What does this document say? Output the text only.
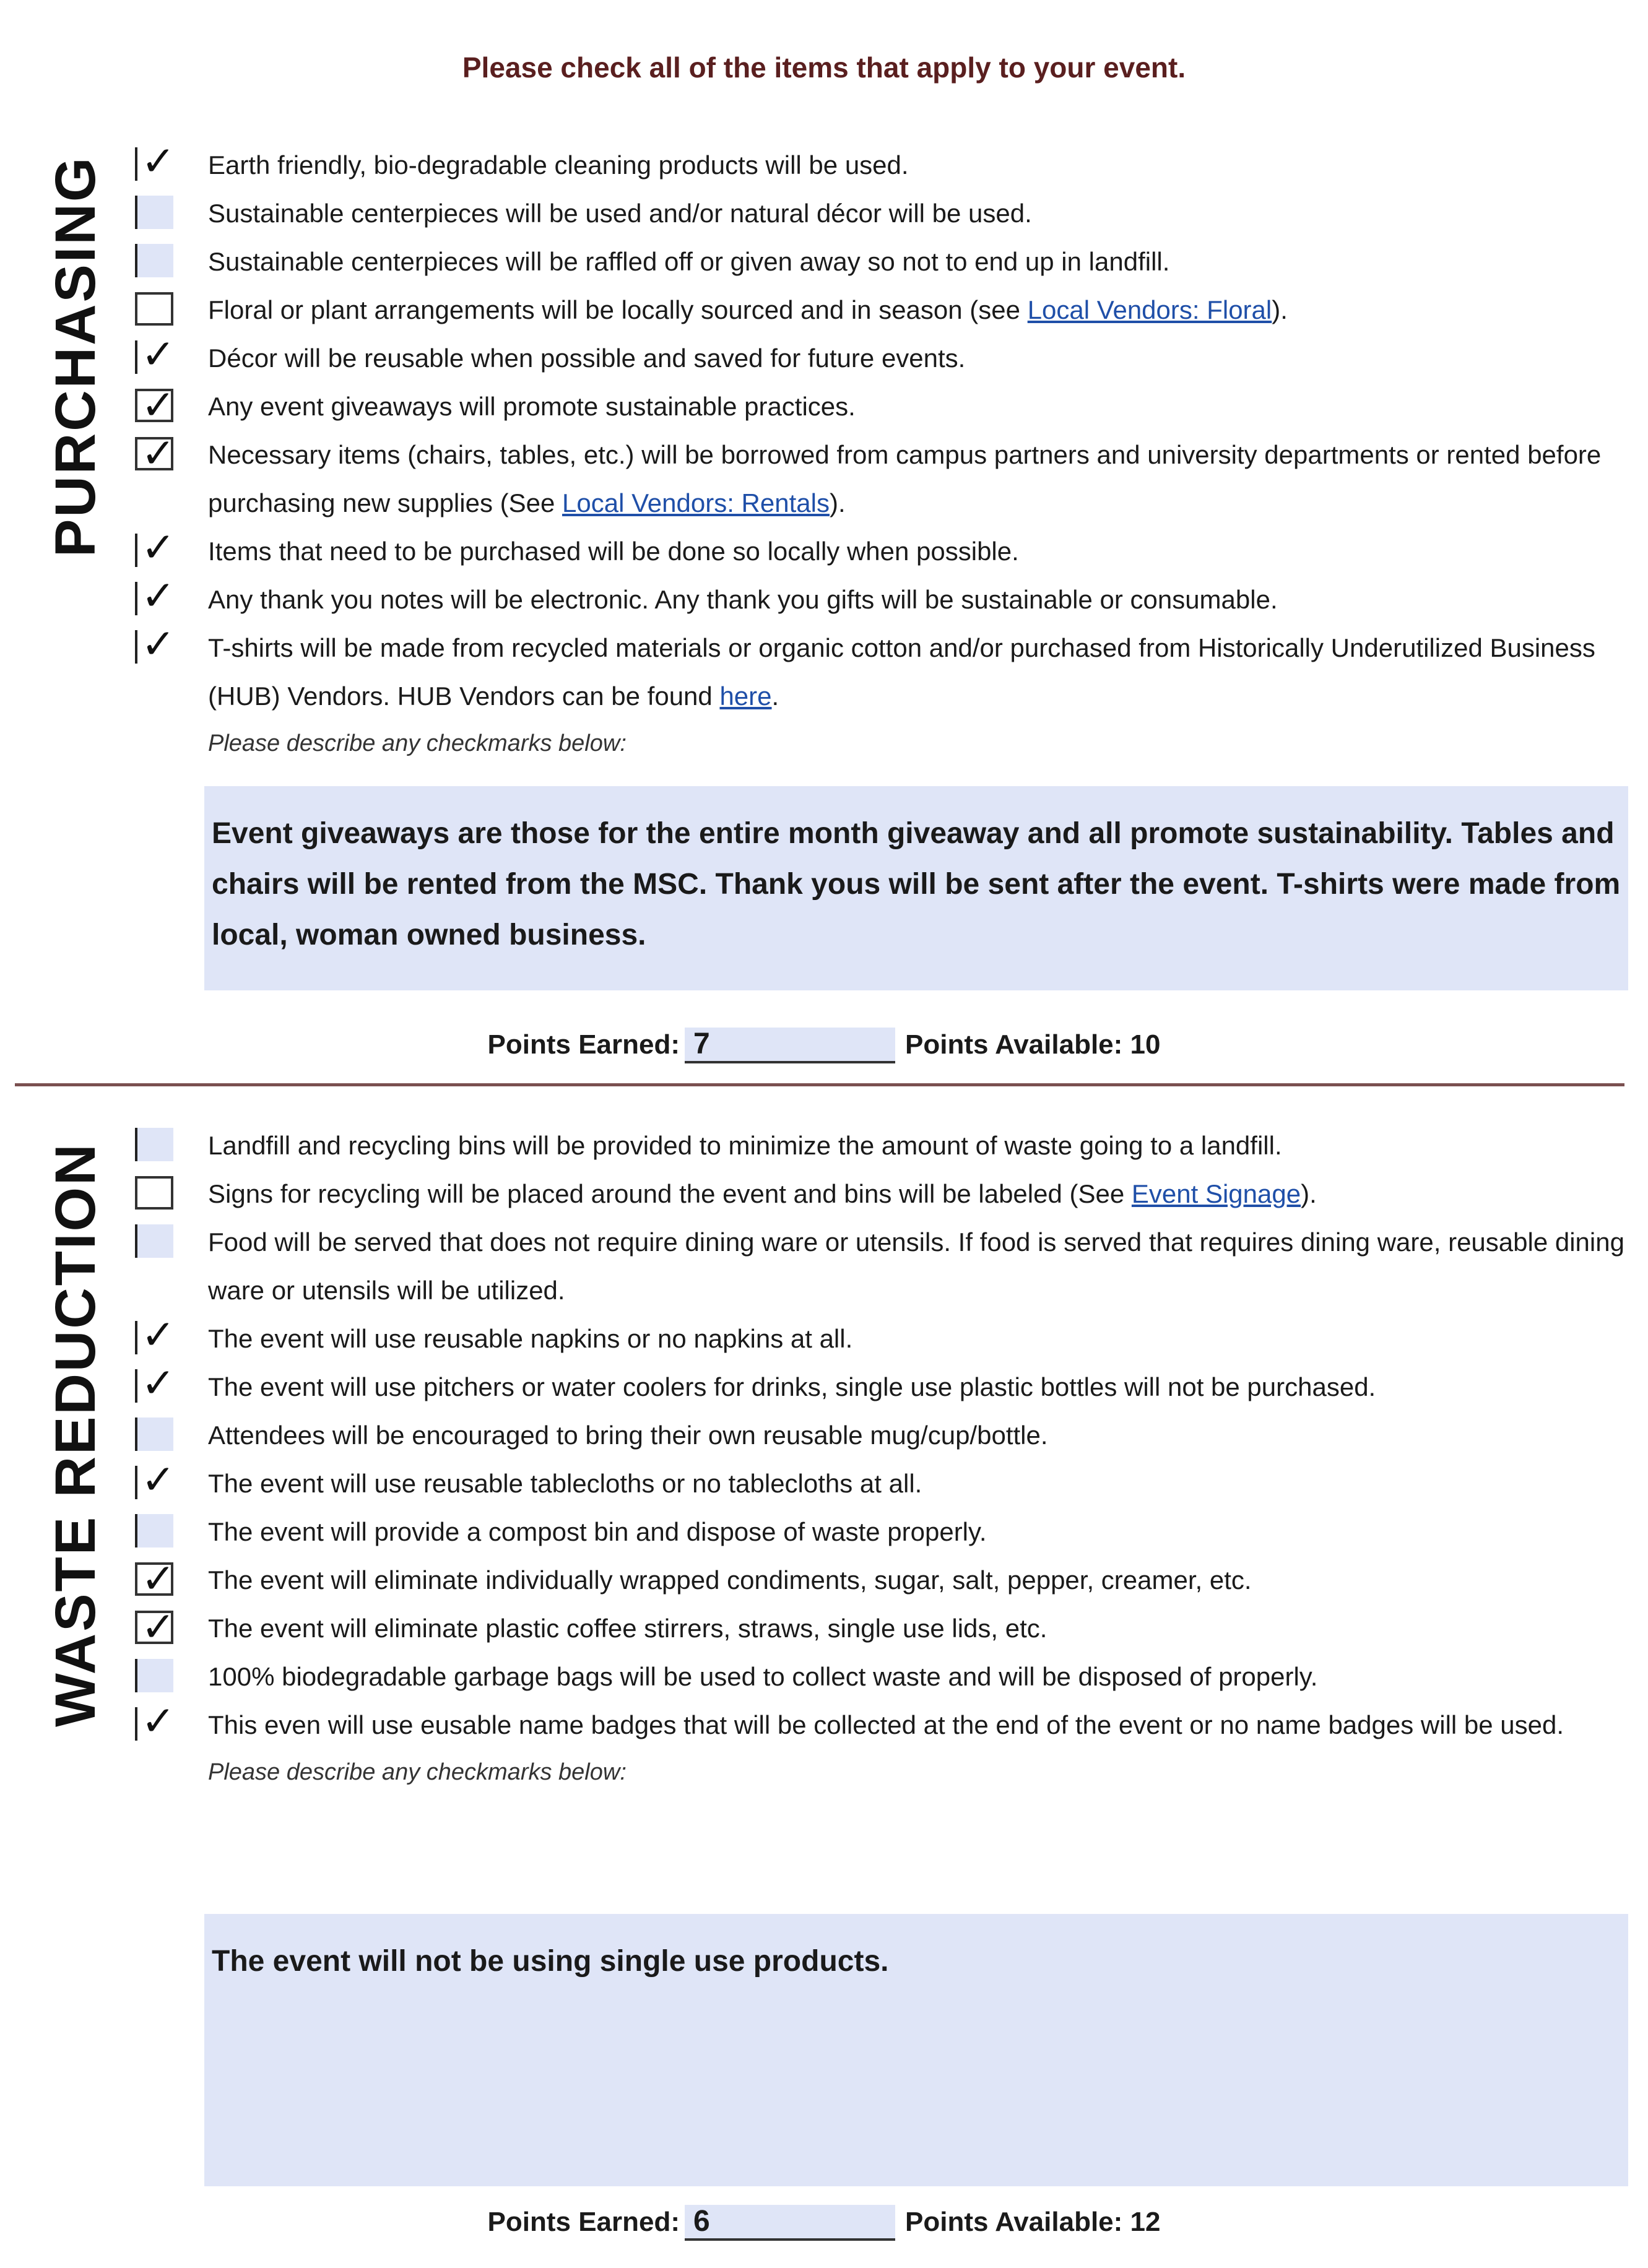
Please check all of the items that apply to your event.
PURCHASING ✓ Earth friendly, bio-degradable cleaning products will be used.
Sustainable centerpieces will be used and/or natural décor will be used.
Sustainable centerpieces will be raffled off or given away so not to end up in landfill.
Floral or plant arrangements will be locally sourced and in season (see Local Vendors: Floral).
✓ Décor will be reusable when possible and saved for future events.
✓ Any event giveaways will promote sustainable practices.
✓ Necessary items (chairs, tables, etc.) will be borrowed from campus partners and university departments or rented before purchasing new supplies (See Local Vendors: Rentals).
✓ Items that need to be purchased will be done so locally when possible.
✓ Any thank you notes will be electronic. Any thank you gifts will be sustainable or consumable.
✓ T-shirts will be made from recycled materials or organic cotton and/or purchased from Historically Underutilized Business (HUB) Vendors. HUB Vendors can be found here.
Please describe any checkmarks below:
Event giveaways are those for the entire month giveaway and all promote sustainability. Tables and chairs will be rented from the MSC. Thank yous will be sent after the event. T-shirts were made from local, woman owned business.
Points Earned: 7	Points Available: 10
WASTE REDUCTION	Landfill and recycling bins will be provided to minimize the amount of waste going to a landfill.
Signs for recycling will be placed around the event and bins will be labeled (See Event Signage).
Food will be served that does not require dining ware or utensils. If food is served that requires dining ware, reusable dining ware or utensils will be utilized.
✓ The event will use reusable napkins or no napkins at all.
✓ The event will use pitchers or water coolers for drinks, single use plastic bottles will not be purchased.
Attendees will be encouraged to bring their own reusable mug/cup/bottle.
✓ The event will use reusable tablecloths or no tablecloths at all.
The event will provide a compost bin and dispose of waste properly.
✓ The event will eliminate individually wrapped condiments, sugar, salt, pepper, creamer, etc.
✓ The event will eliminate plastic coffee stirrers, straws, single use lids, etc.
100% biodegradable garbage bags will be used to collect waste and will be disposed of properly.
✓ This even will use eusable name badges that will be collected at the end of the event or no name badges will be used.
Please describe any checkmarks below:
The event will not be using single use products.
Points Earned: 6	Points Available: 12
